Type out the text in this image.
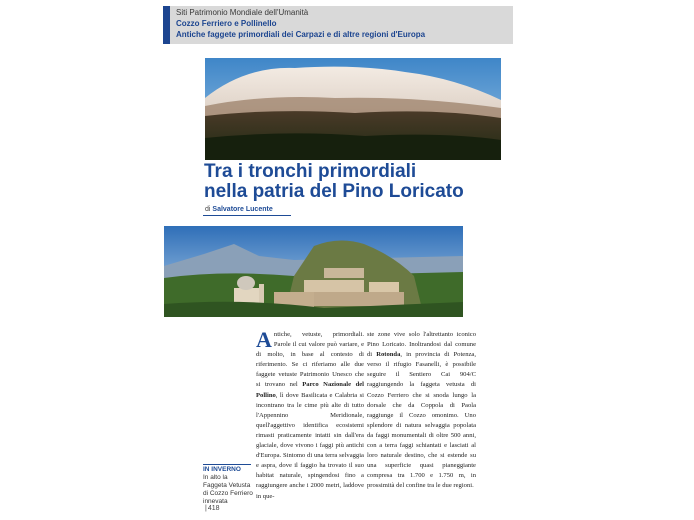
Siti Patrimonio Mondiale dell'Umanità
Cozzo Ferriero e Pollinello
Antiche faggete primordiali dei Carpazi e di altre regioni d'Europa
Tra i tronchi primordiali
nella patria del Pino Loricato
di Salvatore Lucente
Antiche, vetuste, primordiali. Parole il cui valore può variare, e di molto, in base al contesto di riferimento. Se ci riferiamo alle due faggete vetuste Patrimonio Unesco che si trovano nel Parco Nazionale del Pollino, lì dove Basilicata e Calabria si incontrano tra le cime più alte di tutto l'Appennino Meridionale, quell'aggettivo identifica ecosistemi rimasti praticamente intatti sin dall'era glaciale, dove vivono i faggi più antichi d'Europa. Sintomo di una terra selvaggia e aspra, dove il faggio ha trovato il suo habitat naturale, spingendosi fino a raggiungere anche i 2000 metri, laddove in que-
ste zone vive solo l'altrettanto iconico Pino Loricato. Inoltrandosi dal comune di Rotonda, in provincia di Potenza, verso il rifugio Fasanelli, è possibile seguire il Sentiero Cai 904/C raggiungendo la faggeta vetusta di Cozzo Ferriero che si snoda lungo la dorsale che da Coppola di Paola raggiunge il Cozzo omonimo. Uno splendore di natura selvaggia popolata da faggi monumentali di oltre 500 anni, con a terra faggi schiantati e lasciati al loro naturale destino, che si estende su una superficie quasi pianeggiante compresa tra 1.700 e 1.750 m, in prossimità del confine tra le due regioni.
IN INVERNO
In alto la Faggeta Vetusta di Cozzo Ferriero innevata
| 418
